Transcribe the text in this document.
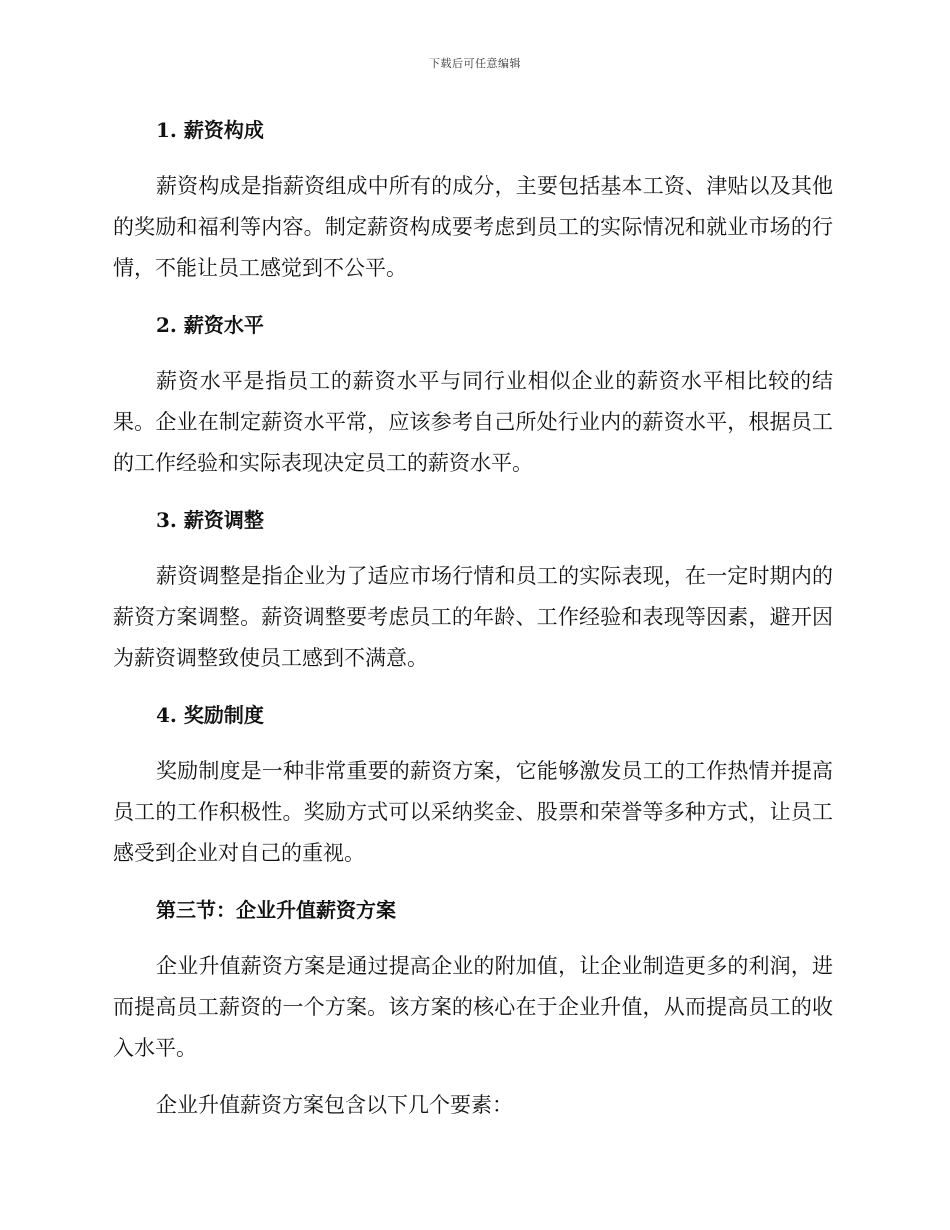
下载后可任意编辑
1. 薪资构成

薪资构成是指薪资组成中所有的成分，主要包括基本工资、津贴以及其他的奖励和福利等内容。制定薪资构成要考虑到员工的实际情况和就业市场的行情，不能让员工感觉到不公平。

2. 薪资水平

薪资水平是指员工的薪资水平与同行业相似企业的薪资水平相比较的结果。企业在制定薪资水平常，应该参考自己所处行业内的薪资水平，根据员工的工作经验和实际表现决定员工的薪资水平。

3. 薪资调整

薪资调整是指企业为了适应市场行情和员工的实际表现，在一定时期内的薪资方案调整。薪资调整要考虑员工的年龄、工作经验和表现等因素，避开因为薪资调整致使员工感到不满意。

4. 奖励制度

奖励制度是一种非常重要的薪资方案，它能够激发员工的工作热情并提高员工的工作积极性。奖励方式可以采纳奖金、股票和荣誉等多种方式，让员工感受到企业对自己的重视。

第三节：企业升值薪资方案

企业升值薪资方案是通过提高企业的附加值，让企业制造更多的利润，进而提高员工薪资的一个方案。该方案的核心在于企业升值，从而提高员工的收入水平。

企业升值薪资方案包含以下几个要素：
